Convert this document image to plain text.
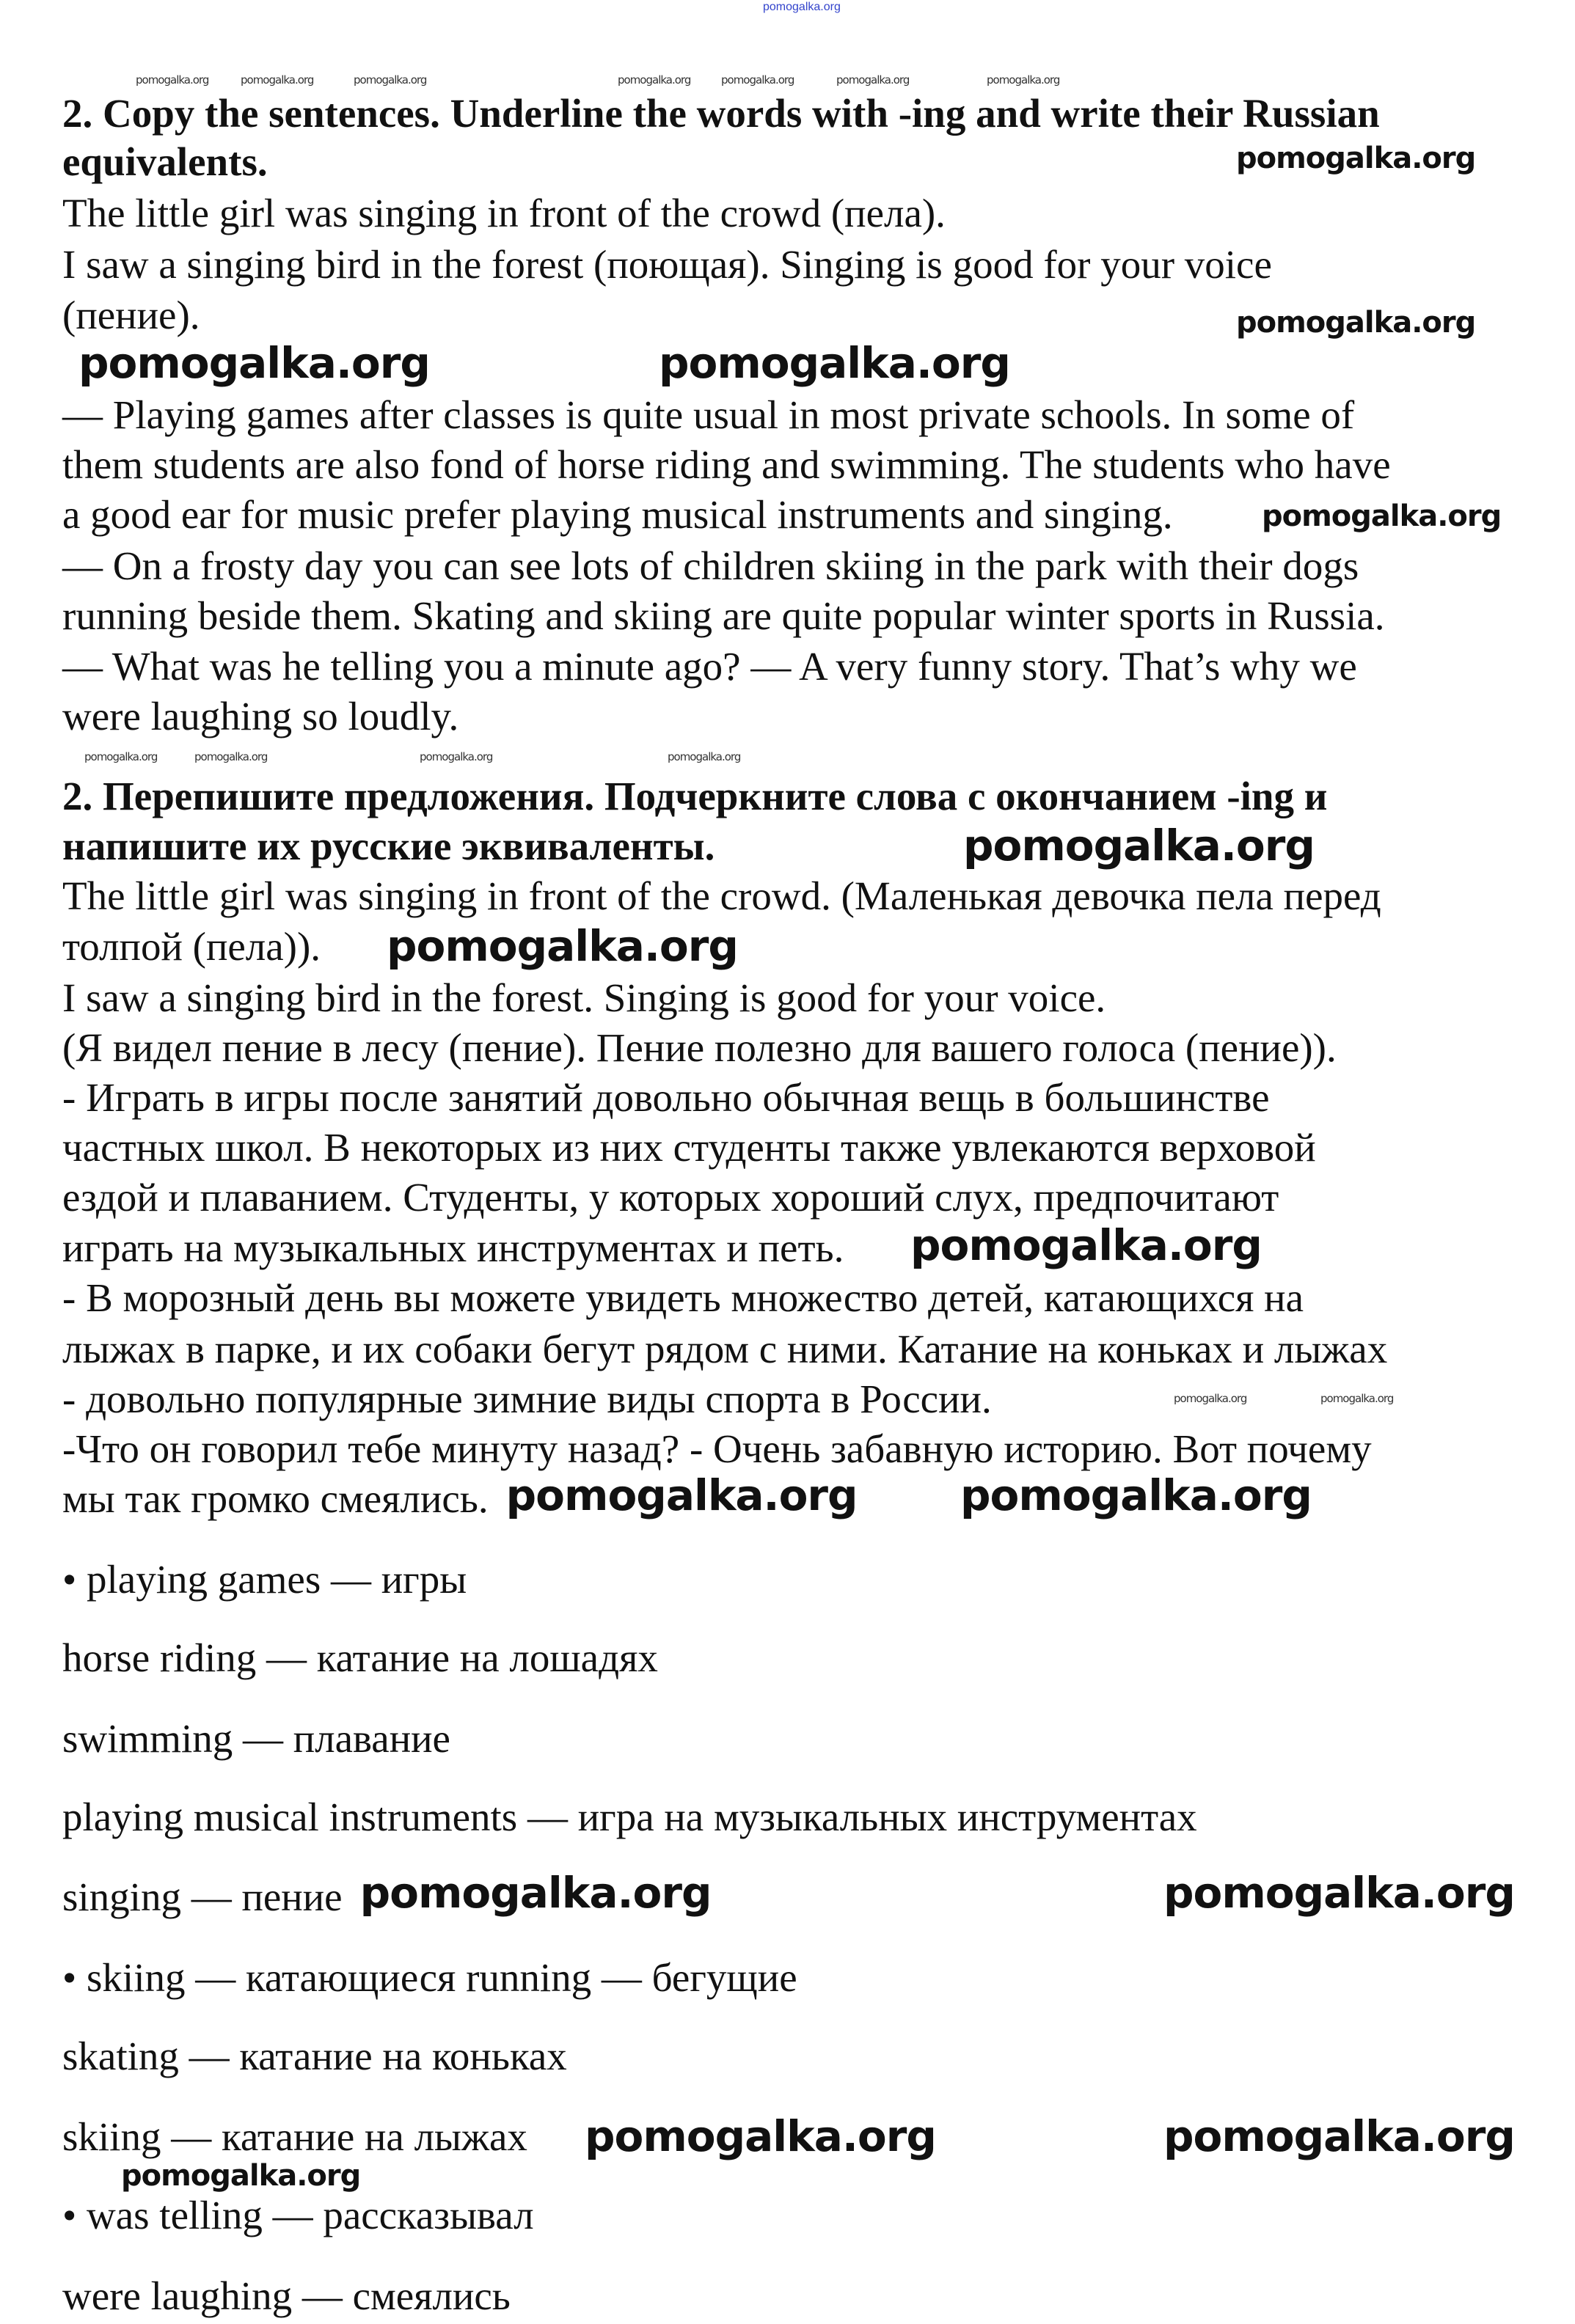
pomogalka.org
2. Copy the sentences. Underline the words with -ing and write their Russian
equivalents.
The little girl was singing in front of the crowd (пела).
I saw a singing bird in the forest (поющая). Singing is good for your voice
(пение).
— Playing games after classes is quite usual in most private schools. In some of
them students are also fond of horse riding and swimming. The students who have
a good ear for music prefer playing musical instruments and singing.
— On a frosty day you can see lots of children skiing in the park with their dogs
running beside them. Skating and skiing are quite popular winter sports in Russia.
— What was he telling you a minute ago? — A very funny story. That’s why we
were laughing so loudly.
2. Перепишите предложения. Подчеркните слова с окончанием -ing и
напишите их русские эквиваленты.
The little girl was singing in front of the crowd. (Маленькая девочка пела перед
толпой (пела)).
I saw a singing bird in the forest. Singing is good for your voice.
(Я видел пение в лесу (пение). Пение полезно для вашего голоса (пение)).
- Играть в игры после занятий довольно обычная вещь в большинстве
частных школ. В некоторых из них студенты также увлекаются верховой
ездой и плаванием. Студенты, у которых хороший слух, предпочитают
играть на музыкальных инструментах и петь.
- В морозный день вы можете увидеть множество детей, катающихся на
лыжах в парке, и их собаки бегут рядом с ними. Катание на коньках и лыжах
- довольно популярные зимние виды спорта в России.
-Что он говорил тебе минуту назад? - Очень забавную историю. Вот почему
мы так громко смеялись.
• playing games — игры
horse riding — катание на лошадях
swimming — плавание
playing musical instruments — игра на музыкальных инструментах
singing — пение
• skiing — катающиеся running — бегущие
skating — катание на коньках
skiing — катание на лыжах
• was telling — рассказывал
were laughing — смеялись
pomogalka.org	pomogalka.org
pomogalka.org
pomogalka.org
pomogalka.org
pomogalka.org
pomogalka.org
pomogalka.org
pomogalka.org pomogalka.org
pomogalka.org	pomogalka.org
pomogalka.org	pomogalka.org
pomogalka.org
pomogalka.org	pomogalka.org	pomogalka.org	pomogalka.org	pomogalka.org	pomogalka.org	pomogalka.org
pomogalka.org	pomogalka.org	pomogalka.org
pomogalka.org
pomogalka.org	pomogalka.org
